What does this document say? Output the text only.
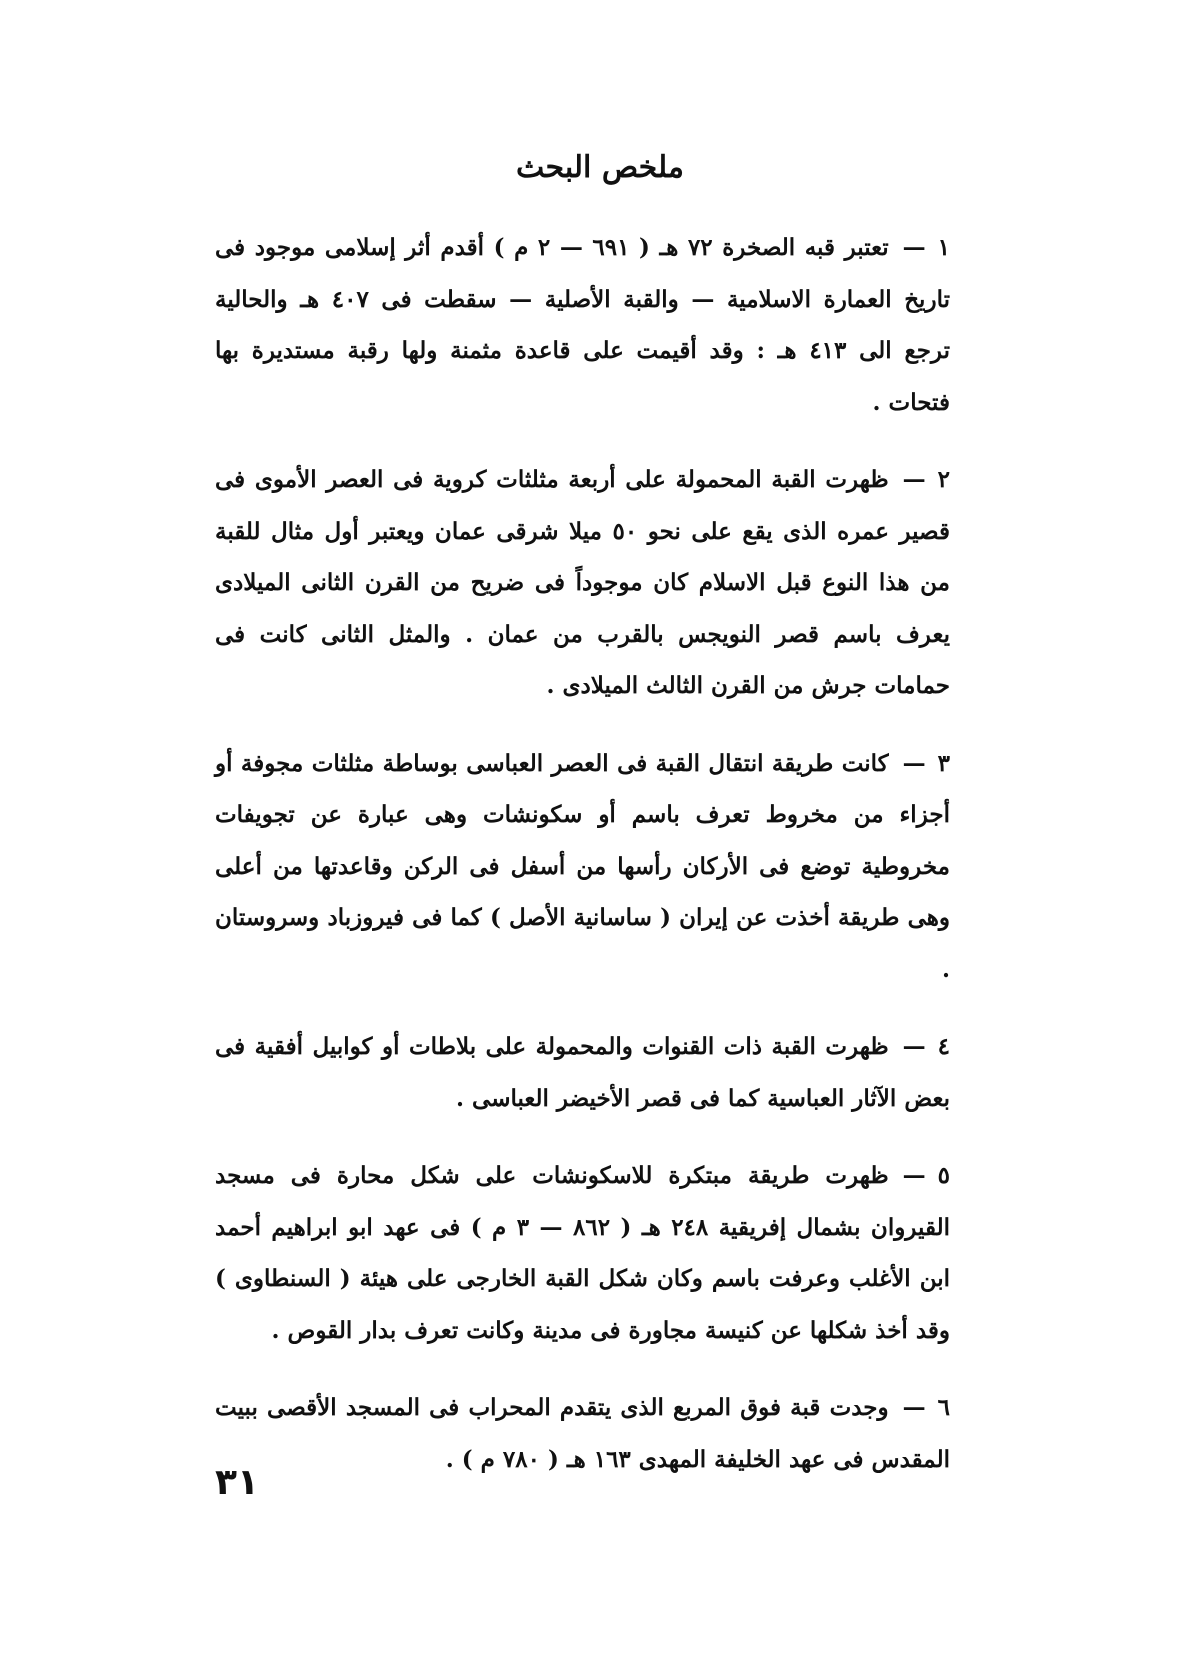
ملخص البحث

١—تعتبر قبه الصخرة ٧٢ هـ ( ٦٩١ — ٢ م ) أقدم أثر إسلامى موجود فى تاريخ العمارة الاسلامية — والقبة الأصلية — سقطت فى ٤٠٧ هـ والحالية ترجع الى ٤١٣ هـ : وقد أقيمت على قاعدة مثمنة ولها رقبة مستديرة بها فتحات .

٢—ظهرت القبة المحمولة على أربعة مثلثات كروية فى العصر الأموى فى قصير عمره الذى يقع على نحو ٥٠ ميلا شرقى عمان ويعتبر أول مثال للقبة من هذا النوع قبل الاسلام كان موجوداً فى ضريح من القرن الثانى الميلادى يعرف باسم قصر النويجس بالقرب من عمان . والمثل الثانى كانت فى حمامات جرش من القرن الثالث الميلادى .

٣—كانت طريقة انتقال القبة فى العصر العباسى بوساطة مثلثات مجوفة أو أجزاء من مخروط تعرف باسم أو سكونشات وهى عبارة عن تجويفات مخروطية توضع فى الأركان رأسها من أسفل فى الركن وقاعدتها من أعلى وهى طريقة أخذت عن إيران ( ساسانية الأصل ) كما فى فيروزباد وسروستان .

٤—ظهرت القبة ذات القنوات والمحمولة على بلاطات أو كوابيل أفقية فى بعض الآثار العباسية كما فى قصر الأخيضر العباسى .

٥—ظهرت طريقة مبتكرة للاسكونشات على شكل محارة فى مسجد القيروان بشمال إفريقية ٢٤٨ هـ ( ٨٦٢ — ٣ م ) فى عهد ابو ابراهيم أحمد ابن الأغلب وعرفت باسم وكان شكل القبة الخارجى على هيئة ( السنطاوى ) وقد أخذ شكلها عن كنيسة مجاورة فى مدينة وكانت تعرف بدار القوص .

٦—وجدت قبة فوق المربع الذى يتقدم المحراب فى المسجد الأقصى ببيت المقدس فى عهد الخليفة المهدى ١٦٣ هـ ( ٧٨٠ م ) .

٣١
